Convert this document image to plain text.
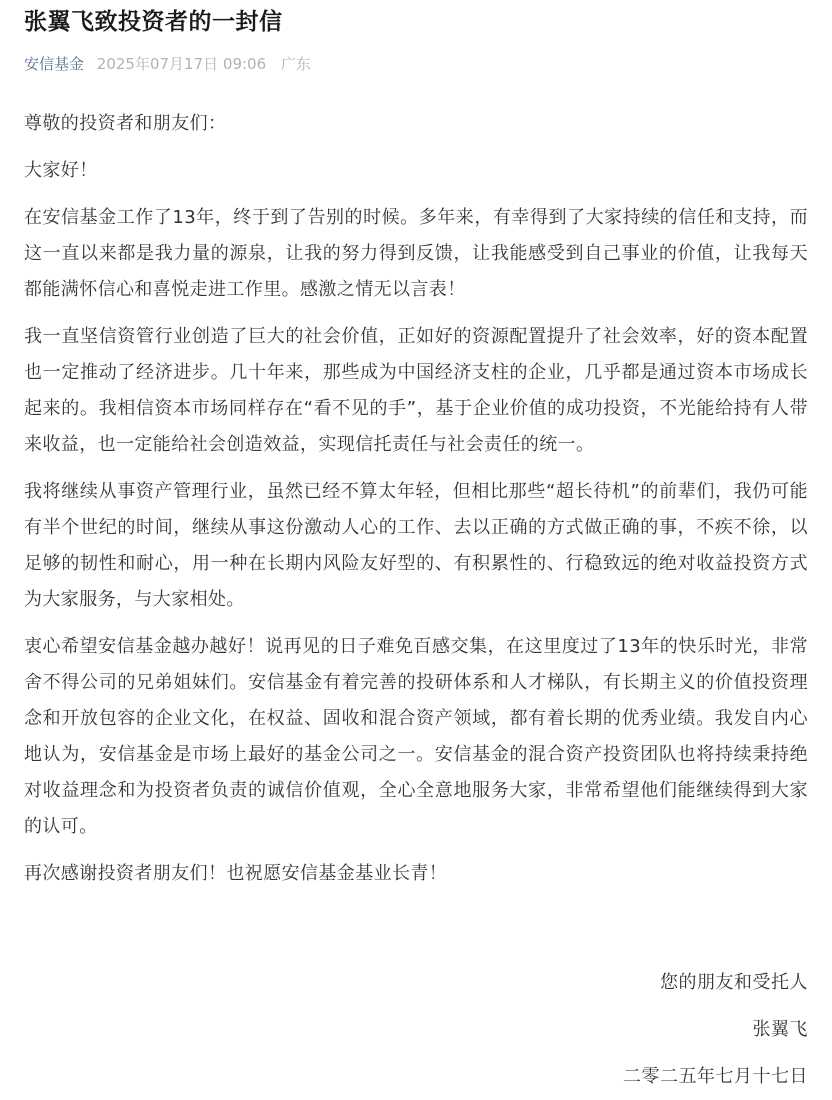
张翼飞致投资者的一封信
安信基金 2025年07月17日 09:06 广东

尊敬的投资者和朋友们：

大家好！

在安信基金工作了13年，终于到了告别的时候。多年来，有幸得到了大家持续的信任和支持，而这一直以来都是我力量的源泉，让我的努力得到反馈，让我能感受到自己事业的价值，让我每天都能满怀信心和喜悦走进工作里。感激之情无以言表！

我一直坚信资管行业创造了巨大的社会价值，正如好的资源配置提升了社会效率，好的资本配置也一定推动了经济进步。几十年来，那些成为中国经济支柱的企业，几乎都是通过资本市场成长起来的。我相信资本市场同样存在“看不见的手”，基于企业价值的成功投资，不光能给持有人带来收益，也一定能给社会创造效益，实现信托责任与社会责任的统一。

我将继续从事资产管理行业，虽然已经不算太年轻，但相比那些“超长待机”的前辈们，我仍可能有半个世纪的时间，继续从事这份激动人心的工作、去以正确的方式做正确的事，不疾不徐，以足够的韧性和耐心，用一种在长期内风险友好型的、有积累性的、行稳致远的绝对收益投资方式为大家服务，与大家相处。

衷心希望安信基金越办越好！说再见的日子难免百感交集，在这里度过了13年的快乐时光，非常舍不得公司的兄弟姐妹们。安信基金有着完善的投研体系和人才梯队，有长期主义的价值投资理念和开放包容的企业文化，在权益、固收和混合资产领域，都有着长期的优秀业绩。我发自内心地认为，安信基金是市场上最好的基金公司之一。安信基金的混合资产投资团队也将持续秉持绝对收益理念和为投资者负责的诚信价值观，全心全意地服务大家，非常希望他们能继续得到大家的认可。

再次感谢投资者朋友们！也祝愿安信基金基业长青！

您的朋友和受托人

张翼飞

二零二五年七月十七日
